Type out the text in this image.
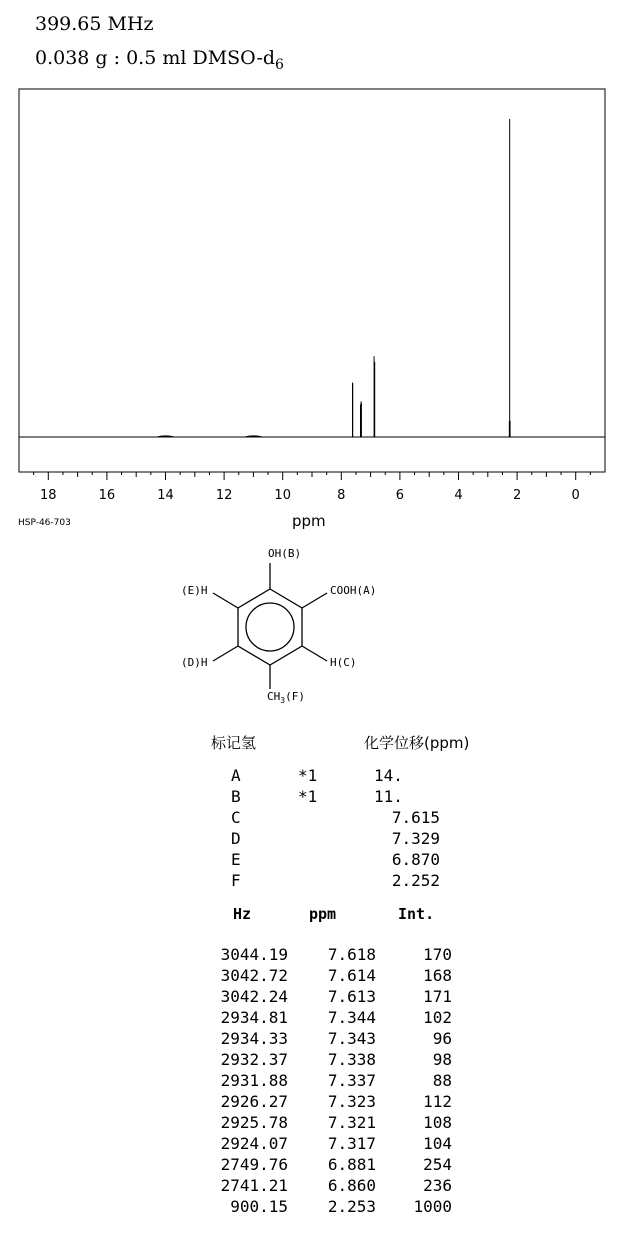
399.65 MHz
0.038 g : 0.5 ml DMSO-$d_6$
18	16	14	12	10	8	6	4	2	0
HSP-46-703	ppm
OH(B)
COOH(A)
(E)H
(D)H	H(C)
$CH_3(F)$
标记氢	化学位移(ppm)
A	*1	14.
B	*1	11.
C	7.615
D	7.329
E	6.870
F	2.252
Hz	ppm	Int.
3044.19	7.618	170
3042.72	7.614	168
3042.24	7.613	171
2934.81	7.344	102
2934.33	7.343	96
2932.37	7.338	98
2931.88	7.337	88
2926.27	7.323	112
2925.78	7.321	108
2924.07	7.317	104
2749.76	6.881	254
2741.21	6.860	236
900.15	2.253	1000
